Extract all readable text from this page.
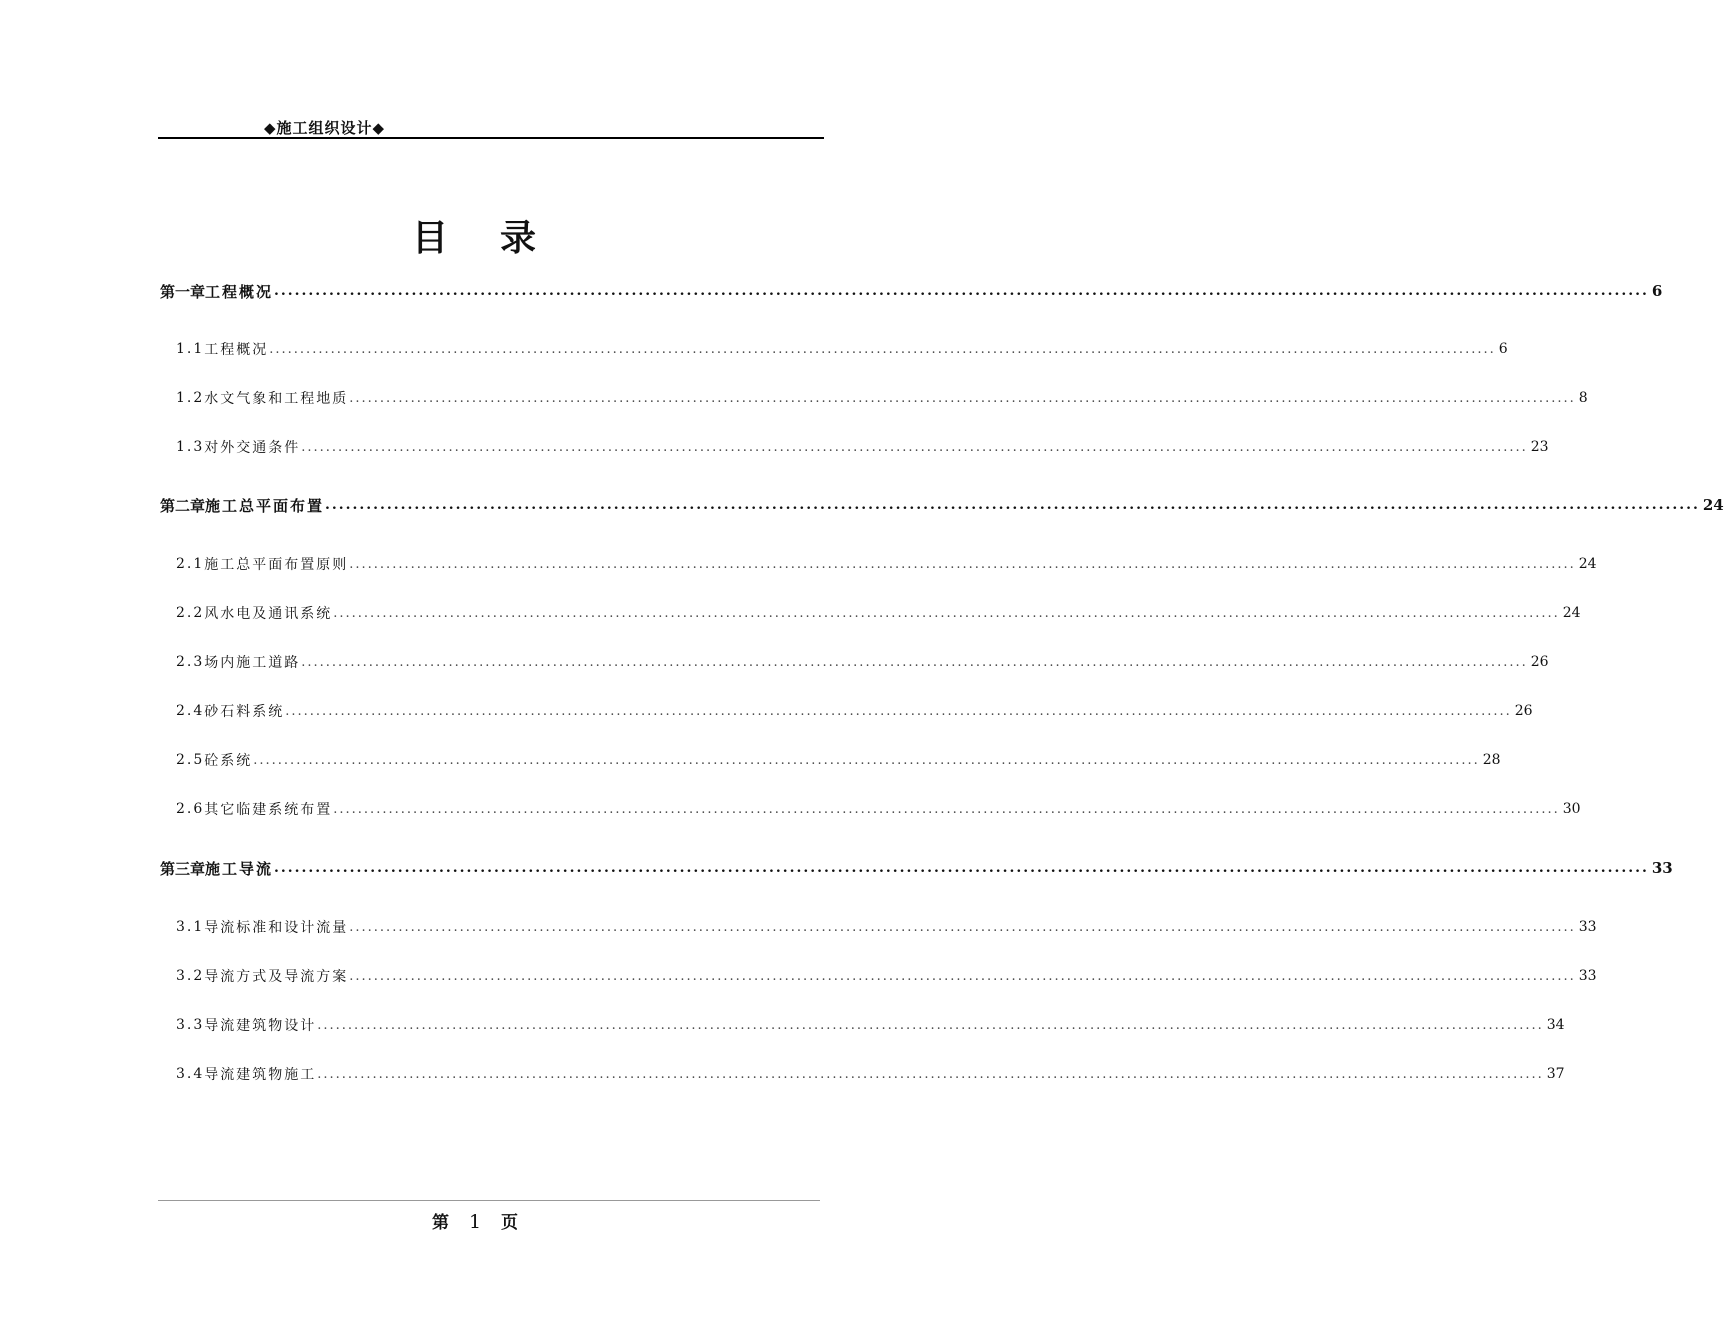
◆施工组织设计◆
目 录
第一章 工程概况 ........................................................................................................................................................................................................ 6
1.1 工程概况 ........................................................................................................................................................................................................ 6
1.2 水文气象和工程地质 ........................................................................................................................................................................................................ 8
1.3 对外交通条件 ........................................................................................................................................................................................................ 23
第二章 施工总平面布置 ........................................................................................................................................................................................................ 24
2.1 施工总平面布置原则 ........................................................................................................................................................................................................ 24
2.2 风水电及通讯系统 ........................................................................................................................................................................................................ 24
2.3 场内施工道路 ........................................................................................................................................................................................................ 26
2.4 砂石料系统 ........................................................................................................................................................................................................ 26
2.5 砼系统 ........................................................................................................................................................................................................ 28
2.6 其它临建系统布置 ........................................................................................................................................................................................................ 30
第三章 施工导流 ........................................................................................................................................................................................................ 33
3.1 导流标准和设计流量 ........................................................................................................................................................................................................ 33
3.2 导流方式及导流方案 ........................................................................................................................................................................................................ 33
3.3 导流建筑物设计 ........................................................................................................................................................................................................ 34
3.4 导流建筑物施工 ........................................................................................................................................................................................................ 37
第 1 页
